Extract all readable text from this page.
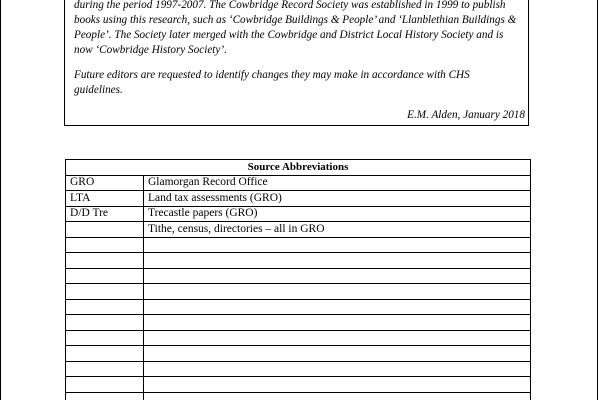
during the period 1997-2007. The Cowbridge Record Society was established in 1999 to publish books using this research, such as ‘Cowbridge Buildings & People’ and ‘Llanblethian Buildings & People’. The Society later merged with the Cowbridge and District Local History Society and is now ‘Cowbridge History Society’.

Future editors are requested to identify changes they may make in accordance with CHS guidelines.

E.M. Alden, January 2018

Source Abbreviations	
GRO	Glamorgan Record Office
LTA	Land tax assessments (GRO)
D/D Tre	Trecastle papers (GRO)
	Tithe, census, directories – all in GRO
